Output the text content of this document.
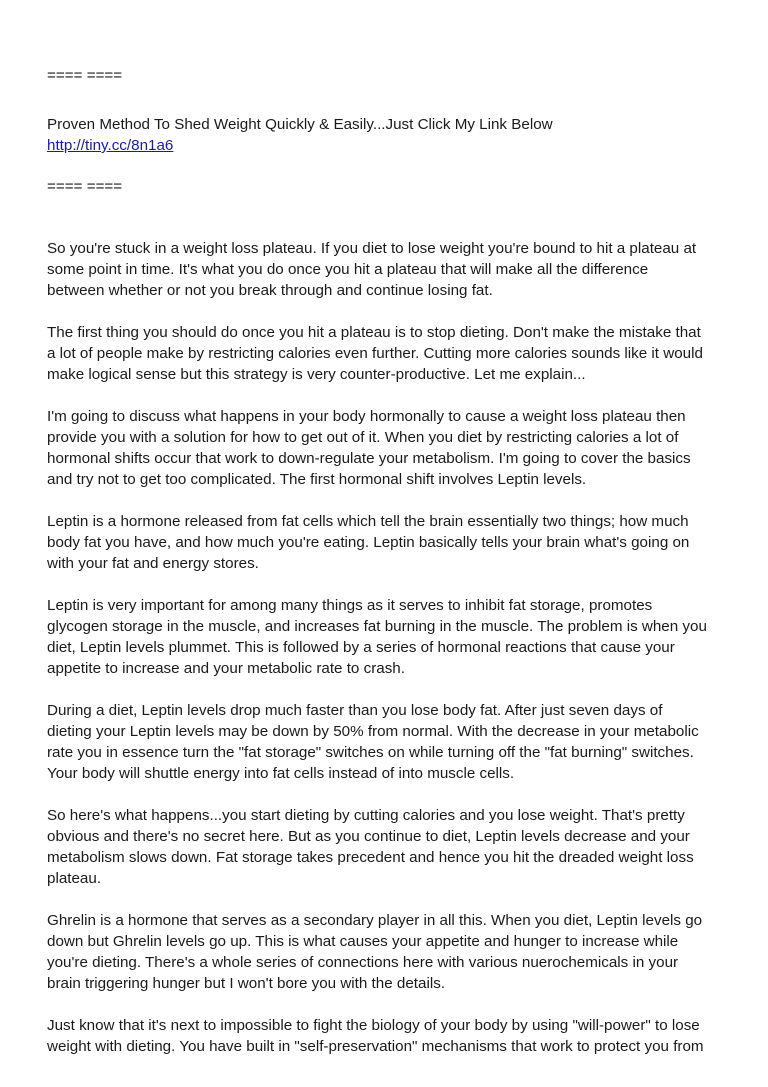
==== ====

Proven Method To Shed Weight Quickly & Easily...Just Click My Link Below

http://tiny.cc/8n1a6

==== ====

So you're stuck in a weight loss plateau. If you diet to lose weight you're bound to hit a plateau at

some point in time. It's what you do once you hit a plateau that will make all the difference

between whether or not you break through and continue losing fat.

The first thing you should do once you hit a plateau is to stop dieting. Don't make the mistake that

a lot of people make by restricting calories even further. Cutting more calories sounds like it would

make logical sense but this strategy is very counter-productive. Let me explain...

I'm going to discuss what happens in your body hormonally to cause a weight loss plateau then

provide you with a solution for how to get out of it. When you diet by restricting calories a lot of

hormonal shifts occur that work to down-regulate your metabolism. I'm going to cover the basics

and try not to get too complicated. The first hormonal shift involves Leptin levels.

Leptin is a hormone released from fat cells which tell the brain essentially two things; how much

body fat you have, and how much you're eating. Leptin basically tells your brain what's going on

with your fat and energy stores.

Leptin is very important for among many things as it serves to inhibit fat storage, promotes

glycogen storage in the muscle, and increases fat burning in the muscle. The problem is when you

diet, Leptin levels plummet. This is followed by a series of hormonal reactions that cause your

appetite to increase and your metabolic rate to crash.

During a diet, Leptin levels drop much faster than you lose body fat. After just seven days of

dieting your Leptin levels may be down by 50% from normal. With the decrease in your metabolic

rate you in essence turn the "fat storage" switches on while turning off the "fat burning" switches.

Your body will shuttle energy into fat cells instead of into muscle cells.

So here's what happens...you start dieting by cutting calories and you lose weight. That's pretty

obvious and there's no secret here. But as you continue to diet, Leptin levels decrease and your

metabolism slows down. Fat storage takes precedent and hence you hit the dreaded weight loss

plateau.

Ghrelin is a hormone that serves as a secondary player in all this. When you diet, Leptin levels go

down but Ghrelin levels go up. This is what causes your appetite and hunger to increase while

you're dieting. There's a whole series of connections here with various nuerochemicals in your

brain triggering hunger but I won't bore you with the details.

Just know that it's next to impossible to fight the biology of your body by using "will-power" to lose

weight with dieting. You have built in "self-preservation" mechanisms that work to protect you from
